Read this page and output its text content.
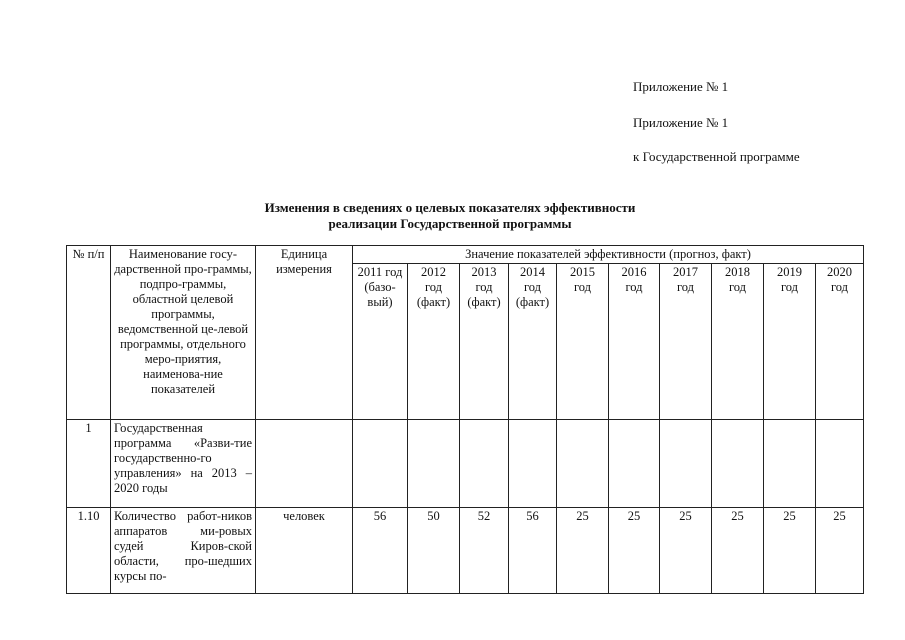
Приложение № 1
Приложение № 1
к Государственной программе
Изменения в сведениях о целевых показателях эффективности
реализации Государственной программы
№ п/п	Наименование госу-дарственной про-граммы, подпро-граммы, областной целевой программы, ведомственной це-левой программы, отдельного меро-приятия, наименова-ние показателей	Единица измерения	Значение показателей эффективности (прогноз, факт)									
			2011 год (базо-вый)	2012 год (факт)	2013 год (факт)	2014 год (факт)	2015 год	2016 год	2017 год	2018 год	2019 год	2020 год
1	Государственная программа «Разви-тие государственно-го управления» на 2013 – 2020 годы											
1.10	Количество работ-ников аппаратов ми-ровых судей Киров-ской области, про-шедших курсы по-	человек	56	50	52	56	25	25	25	25	25	25
